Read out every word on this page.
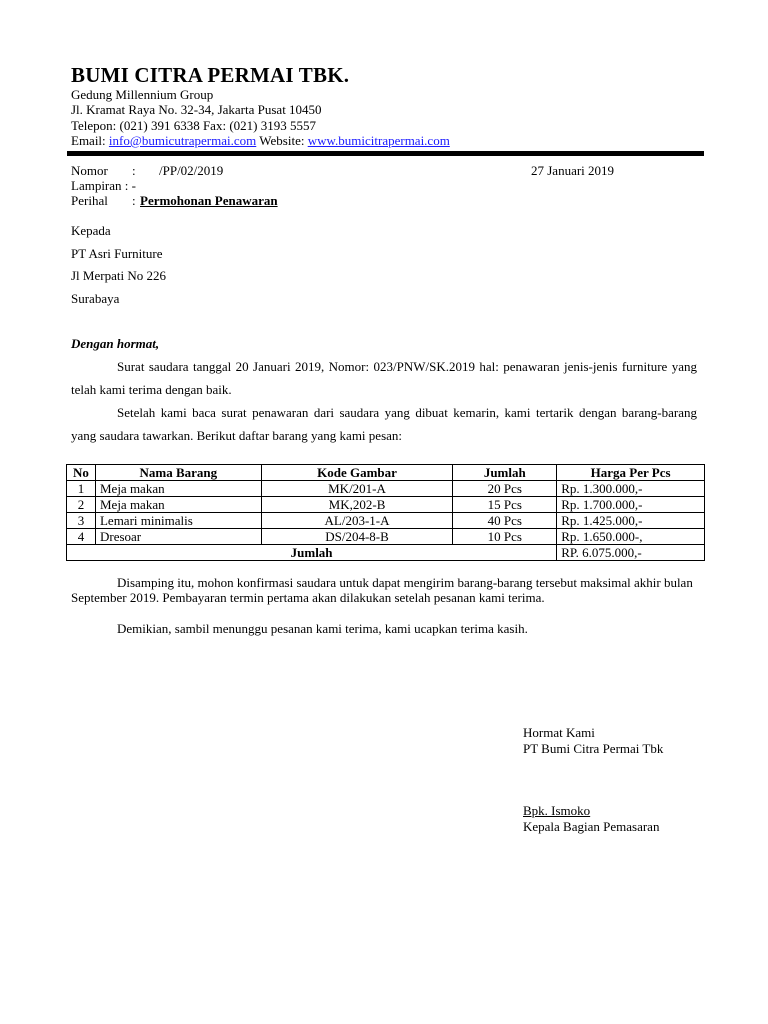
BUMI CITRA PERMAI TBK.
Gedung Millennium Group
Jl. Kramat Raya No. 32-34, Jakarta Pusat 10450
Telepon: (021) 391 6338 Fax: (021) 3193 5557
Email: info@bumicutrapermai.com Website: www.bumicitrapermai.com
Nomor : /PP/02/2019	27 Januari 2019
Lampiran : -
Perihal : Permohonan Penawaran
Kepada
PT Asri Furniture
Jl Merpati No 226
Surabaya
Dengan hormat,
Surat saudara tanggal 20 Januari 2019, Nomor: 023/PNW/SK.2019 hal: penawaran jenis-jenis furniture yang telah kami terima dengan baik.
Setelah kami baca surat penawaran dari saudara yang dibuat kemarin, kami tertarik dengan barang-barang yang saudara tawarkan. Berikut daftar barang yang kami pesan:
No	Nama Barang	Kode Gambar	Jumlah	Harga Per Pcs
1	Meja makan	MK/201-A	20 Pcs	Rp. 1.300.000,-
2	Meja makan	MK,202-B	15 Pcs	Rp. 1.700.000,-
3	Lemari minimalis	AL/203-1-A	40 Pcs	Rp. 1.425.000,-
4	Dresoar	DS/204-8-B	10 Pcs	Rp. 1.650.000-,
Jumlah				RP. 6.075.000,-
Disamping itu, mohon konfirmasi saudara untuk dapat mengirim barang-barang tersebut maksimal akhir bulan September 2019. Pembayaran termin pertama akan dilakukan setelah pesanan kami terima.
Demikian, sambil menunggu pesanan kami terima, kami ucapkan terima kasih.
Hormat Kami
PT Bumi Citra Permai Tbk
Bpk. Ismoko
Kepala Bagian Pemasaran
